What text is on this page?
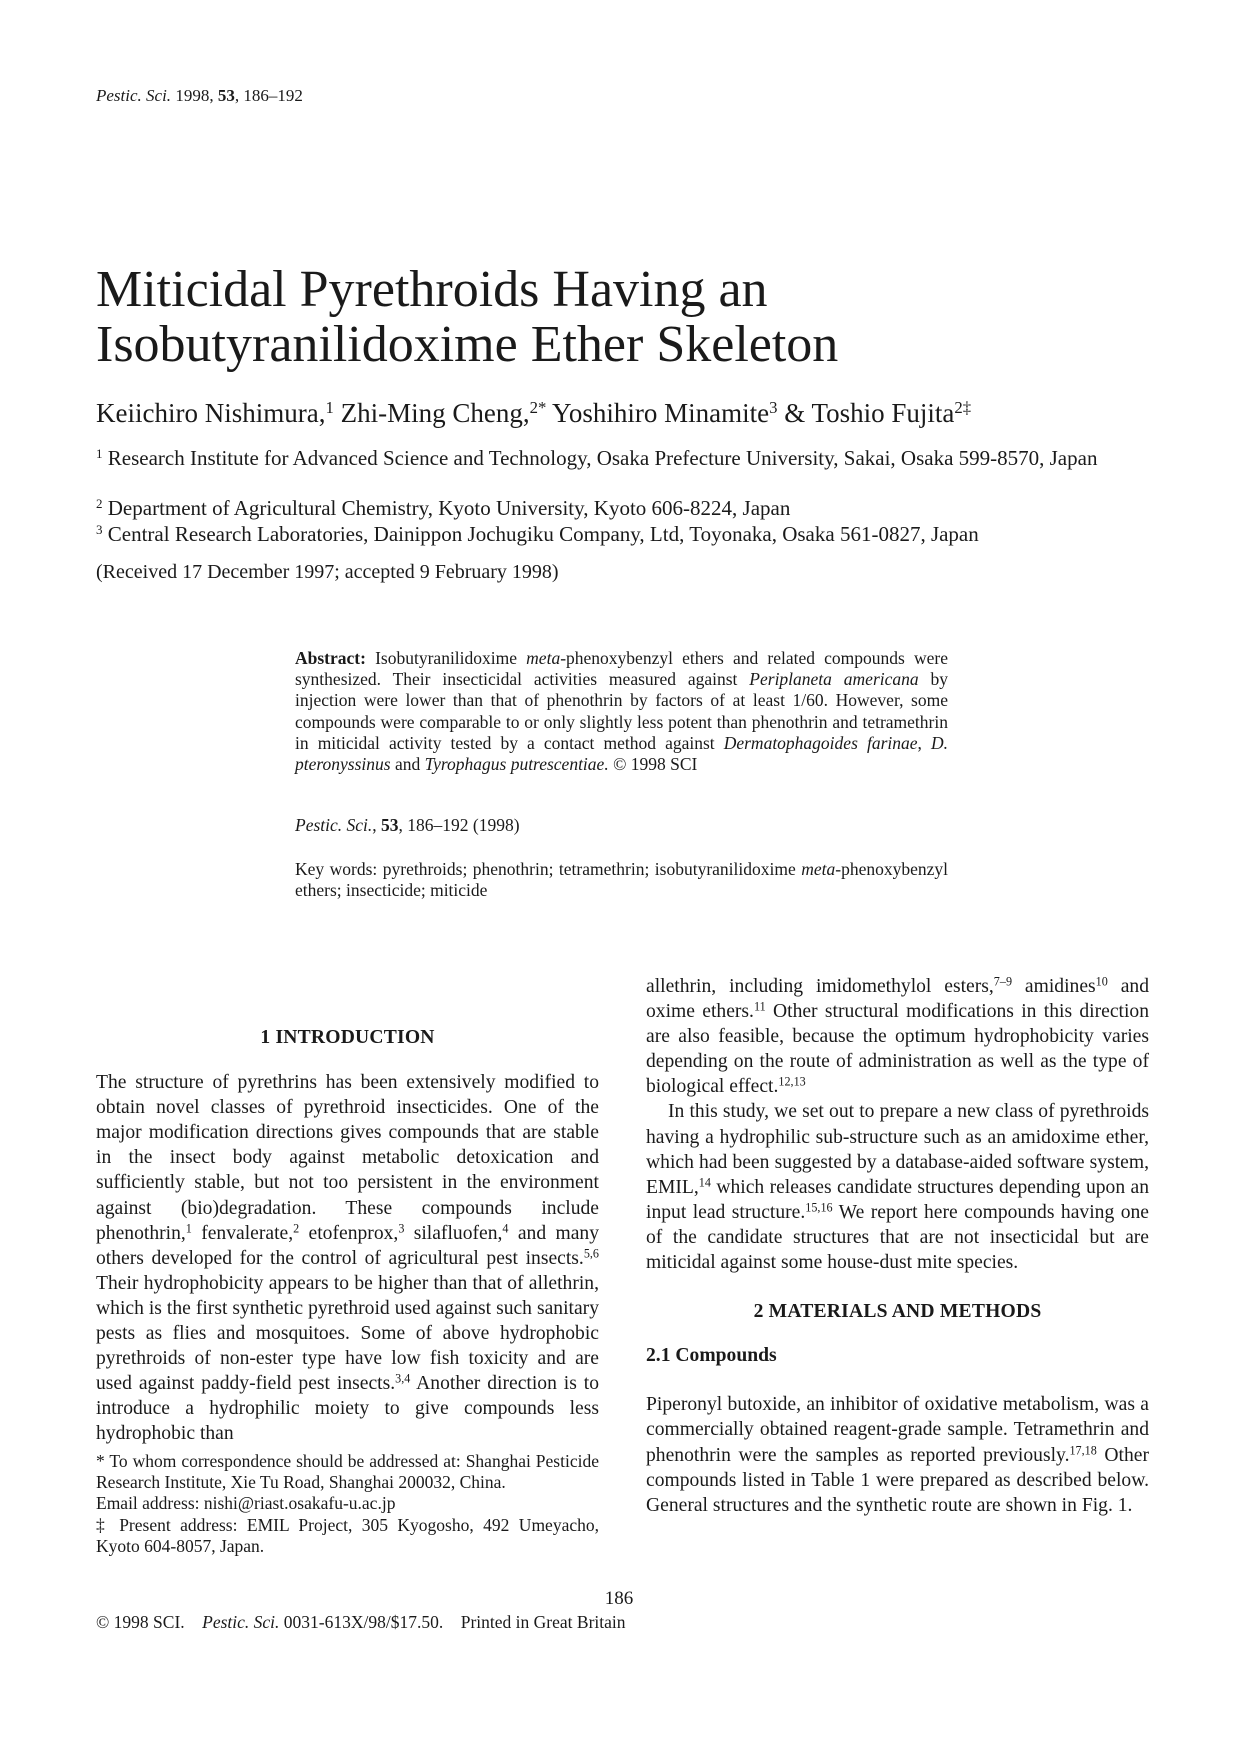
Pestic. Sci. 1998, 53, 186–192
Miticidal Pyrethroids Having an
Isobutyranilidoxime Ether Skeleton
Keiichiro Nishimura,$^1$ Zhi-Ming Cheng,$^{2*}$ Yoshihiro Minamite$^3$ & Toshio Fujita$^{2\ddagger}$
$^1$ Research Institute for Advanced Science and Technology, Osaka Prefecture University, Sakai, Osaka 599-8570, Japan
$^2$ Department of Agricultural Chemistry, Kyoto University, Kyoto 606-8224, Japan
$^3$ Central Research Laboratories, Dainippon Jochugiku Company, Ltd, Toyonaka, Osaka 561-0827, Japan
(Received 17 December 1997; accepted 9 February 1998)
Abstract: Isobutyranilidoxime meta-phenoxybenzyl ethers and related compounds were synthesized. Their insecticidal activities measured against Periplaneta americana by injection were lower than that of phenothrin by factors of at least 1/60. However, some compounds were comparable to or only slightly less potent than phenothrin and tetramethrin in miticidal activity tested by a contact method against Dermatophagoides farinae, D. pteronyssinus and Tyrophagus putrescentiae. © 1998 SCI
Pestic. Sci., 53, 186–192 (1998)
Key words: pyrethroids; phenothrin; tetramethrin; isobutyranilidoxime meta-phenoxybenzyl ethers; insecticide; miticide
1 INTRODUCTION

The structure of pyrethrins has been extensively modified to obtain novel classes of pyrethroid insecticides. One of the major modification directions gives compounds that are stable in the insect body against metabolic detoxication and sufficiently stable, but not too persistent in the environment against (bio)degradation. These compounds include phenothrin,$^1$ fenvalerate,$^2$ etofenprox,$^3$ silafluofen,$^4$ and many others developed for the control of agricultural pest insects.$^{5,6}$ Their hydrophobicity appears to be higher than that of allethrin, which is the first synthetic pyrethroid used against such sanitary pests as flies and mosquitoes. Some of above hydrophobic pyrethroids of non-ester type have low fish toxicity and are used against paddy-field pest insects.$^{3,4}$ Another direction is to introduce a hydrophilic moiety to give compounds less hydrophobic than

* To whom correspondence should be addressed at: Shanghai Pesticide Research Institute, Xie Tu Road, Shanghai 200032, China.

Email address: nishi@riast.osakafu-u.ac.jp

‡ Present address: EMIL Project, 305 Kyogosho, 492 Umeyacho, Kyoto 604-8057, Japan.

allethrin, including imidomethylol esters,$^{7-9}$ amidines$^{10}$ and oxime ethers.$^{11}$ Other structural modifications in this direction are also feasible, because the optimum hydrophobicity varies depending on the route of administration as well as the type of biological effect.$^{12,13}$

In this study, we set out to prepare a new class of pyrethroids having a hydrophilic sub-structure such as an amidoxime ether, which had been suggested by a database-aided software system, EMIL,$^{14}$ which releases candidate structures depending upon an input lead structure.$^{15,16}$ We report here compounds having one of the candidate structures that are not insecticidal but are miticidal against some house-dust mite species.

2 MATERIALS AND METHODS
2.1 Compounds

Piperonyl butoxide, an inhibitor of oxidative metabolism, was a commercially obtained reagent-grade sample. Tetramethrin and phenothrin were the samples as reported previously.$^{17,18}$ Other compounds listed in Table 1 were prepared as described below. General structures and the synthetic route are shown in Fig. 1.

186
© 1998 SCI. Pestic. Sci. 0031-613X/98/$17.50. Printed in Great Britain
